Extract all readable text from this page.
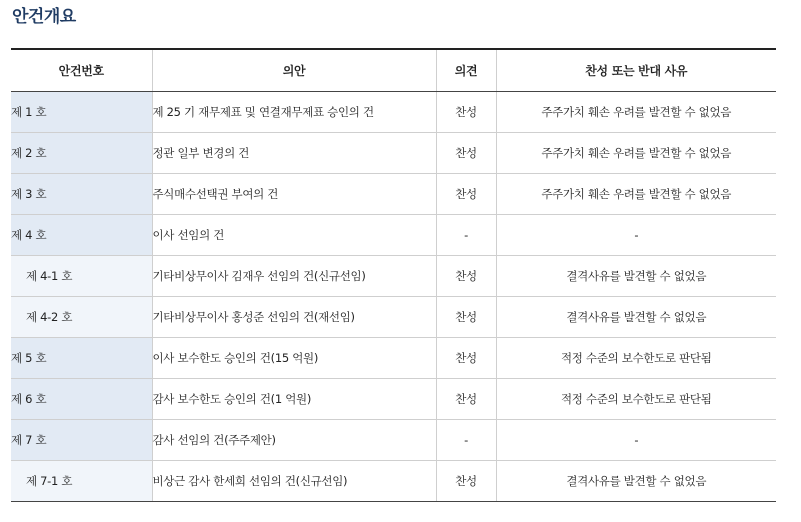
안건개요
안건번호	의안	의견	찬성 또는 반대 사유
제 1 호	제 25 기 재무제표 및 연결재무제표 승인의 건	찬성	주주가치 훼손 우려를 발견할 수 없었음
제 2 호	정관 일부 변경의 건	찬성	주주가치 훼손 우려를 발견할 수 없었음
제 3 호	주식매수선택권 부여의 건	찬성	주주가치 훼손 우려를 발견할 수 없었음
제 4 호	이사 선임의 건	-	-
제 4-1 호	기타비상무이사 김재우 선임의 건(신규선임)	찬성	결격사유를 발견할 수 없었음
제 4-2 호	기타비상무이사 홍성준 선임의 건(재선임)	찬성	결격사유를 발견할 수 없었음
제 5 호	이사 보수한도 승인의 건(15 억원)	찬성	적정 수준의 보수한도로 판단됨
제 6 호	감사 보수한도 승인의 건(1 억원)	찬성	적정 수준의 보수한도로 판단됨
제 7 호	감사 선임의 건(주주제안)	-	-
제 7-1 호	비상근 감사 한세희 선임의 건(신규선임)	찬성	결격사유를 발견할 수 없었음
